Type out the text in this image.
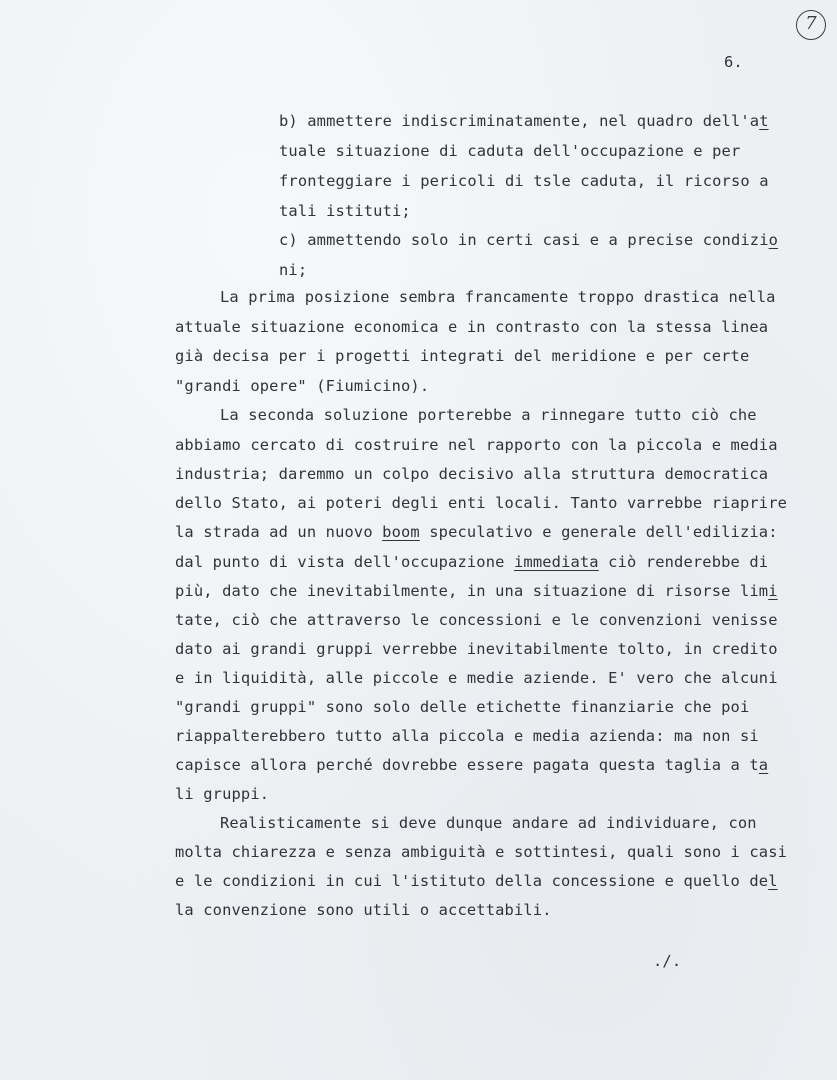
7
6.
b) ammettere indiscriminatamente, nel quadro dell'at
tuale situazione di caduta dell'occupazione e per
fronteggiare i pericoli di tsle caduta, il ricorso a
tali istituti;
c) ammettendo solo in certi casi e a precise condizio
ni;
La prima posizione sembra francamente troppo drastica nella
attuale situazione economica e in contrasto con la stessa linea
già decisa per i progetti integrati del meridione e per certe
"grandi opere" (Fiumicino).
La seconda soluzione porterebbe a rinnegare tutto ciò che
abbiamo cercato di costruire nel rapporto con la piccola e media
industria; daremmo un colpo decisivo alla struttura democratica
dello Stato, ai poteri degli enti locali. Tanto varrebbe riaprire
la strada ad un nuovo boom speculativo e generale dell'edilizia:
dal punto di vista dell'occupazione immediata ciò renderebbe di
più, dato che inevitabilmente, in una situazione di risorse limi
tate, ciò che attraverso le concessioni e le convenzioni venisse
dato ai grandi gruppi verrebbe inevitabilmente tolto, in credito
e in liquidità, alle piccole e medie aziende. E' vero che alcuni
"grandi gruppi" sono solo delle etichette finanziarie che poi
riappalterebbero tutto alla piccola e media azienda: ma non si
capisce allora perché dovrebbe essere pagata questa taglia a ta
li gruppi.
Realisticamente si deve dunque andare ad individuare, con
molta chiarezza e senza ambiguità e sottintesi, quali sono i casi
e le condizioni in cui l'istituto della concessione e quello del
la convenzione sono utili o accettabili.
./.
